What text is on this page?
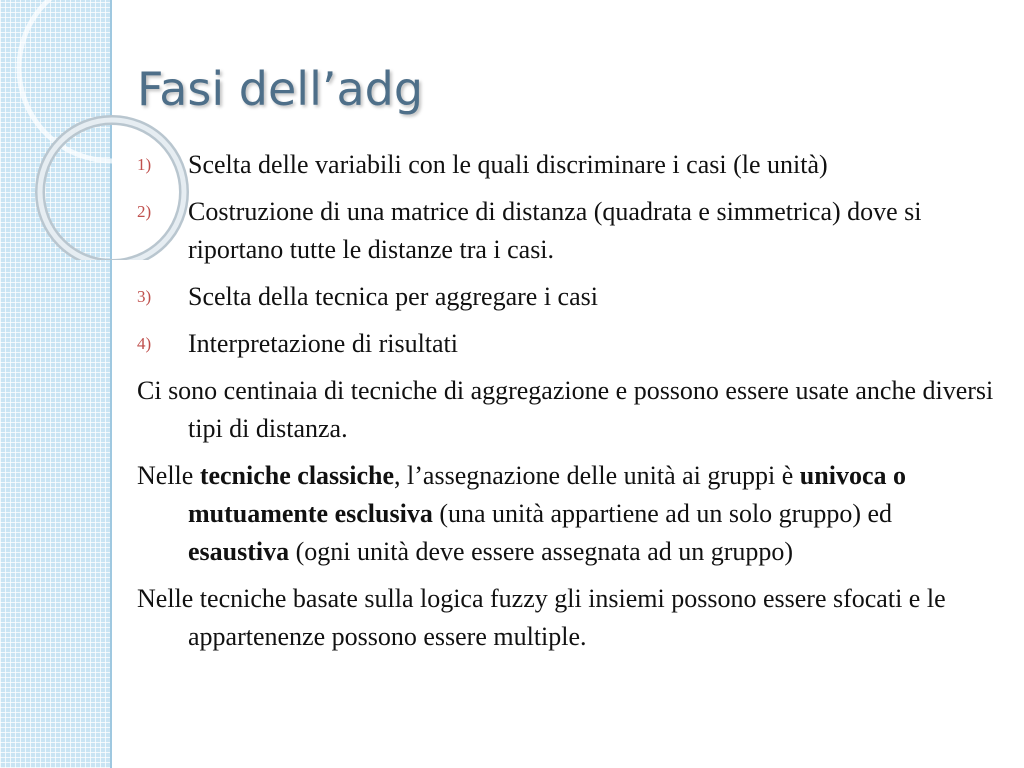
Fasi dell’adg
1) Scelta delle variabili con le quali discriminare i casi (le unità)
2) Costruzione di una matrice di distanza (quadrata e simmetrica) dove si riportano tutte le distanze tra i casi.
3) Scelta della tecnica per aggregare i casi
4) Interpretazione di risultati
Ci sono centinaia di tecniche di aggregazione e possono essere usate anche diversi tipi di distanza.
Nelle tecniche classiche, l’assegnazione delle unità ai gruppi è univoca o mutuamente esclusiva (una unità appartiene ad un solo gruppo) ed esaustiva (ogni unità deve essere assegnata ad un gruppo)
Nelle tecniche basate sulla logica fuzzy gli insiemi possono essere sfocati e le appartenenze possono essere multiple.
